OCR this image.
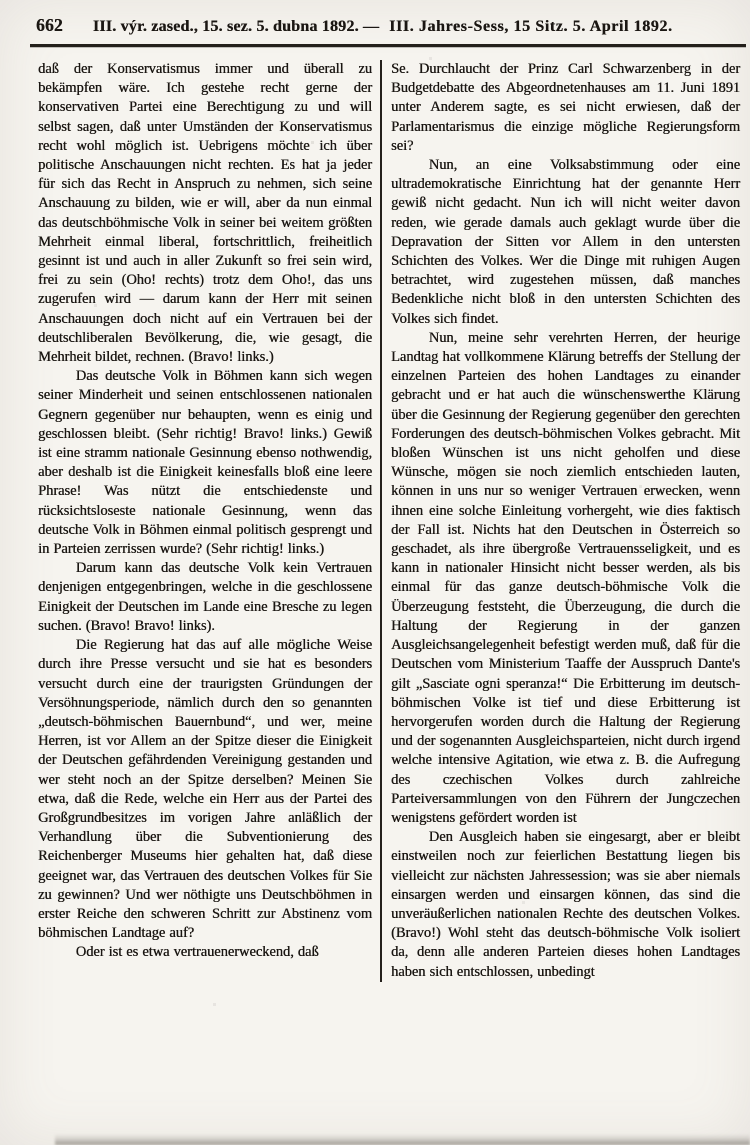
662 III. výr. zased., 15. sez. 5. dubna 1892. — III. Jahres-Sess, 15 Sitz. 5. April 1892.

daß der Konservatismus immer und überall zu bekämpfen wäre. Ich gestehe recht gerne der konservativen Partei eine Berechtigung zu und will selbst sagen, daß unter Umständen der Konservatismus recht wohl möglich ist. Uebrigens möchte ich über politische Anschauungen nicht rechten. Es hat ja jeder für sich das Recht in Anspruch zu nehmen, sich seine Anschauung zu bilden, wie er will, aber da nun einmal das deutschböhmische Volk in seiner bei weitem größten Mehrheit einmal liberal, fortschrittlich, freiheitlich gesinnt ist und auch in aller Zukunft so frei sein wird, frei zu sein (Oho! rechts) trotz dem Oho!, das uns zugerufen wird — darum kann der Herr mit seinen Anschauungen doch nicht auf ein Vertrauen bei der deutschliberalen Bevölkerung, die, wie gesagt, die Mehrheit bildet, rechnen. (Bravo! links.)

Das deutsche Volk in Böhmen kann sich wegen seiner Minderheit und seinen entschlossenen nationalen Gegnern gegenüber nur behaupten, wenn es einig und geschlossen bleibt. (Sehr richtig! Bravo! links.) Gewiß ist eine stramm nationale Gesinnung ebenso nothwendig, aber deshalb ist die Einigkeit keinesfalls bloß eine leere Phrase! Was nützt die entschiedenste und rücksichtsloseste nationale Gesinnung, wenn das deutsche Volk in Böhmen einmal politisch gesprengt und in Parteien zerrissen wurde? (Sehr richtig! links.)

Darum kann das deutsche Volk kein Vertrauen denjenigen entgegenbringen, welche in die geschlossene Einigkeit der Deutschen im Lande eine Bresche zu legen suchen. (Bravo! Bravo! links).

Die Regierung hat das auf alle mögliche Weise durch ihre Presse versucht und sie hat es besonders versucht durch eine der traurigsten Gründungen der Versöhnungsperiode, nämlich durch den so genannten „deutsch-böhmischen Bauernbund“, und wer, meine Herren, ist vor Allem an der Spitze dieser die Einigkeit der Deutschen gefährdenden Vereinigung gestanden und wer steht noch an der Spitze derselben? Meinen Sie etwa, daß die Rede, welche ein Herr aus der Partei des Großgrundbesitzes im vorigen Jahre anläßlich der Verhandlung über die Subventionierung des Reichenberger Museums hier gehalten hat, daß diese geeignet war, das Vertrauen des deutschen Volkes für Sie zu gewinnen? Und wer nöthigte uns Deutschböhmen in erster Reiche den schweren Schritt zur Abstinenz vom böhmischen Landtage auf?

Oder ist es etwa vertrauenerweckend, daß

Se. Durchlaucht der Prinz Carl Schwarzenberg in der Budgetdebatte des Abgeordnetenhauses am 11. Juni 1891 unter Anderem sagte, es sei nicht erwiesen, daß der Parlamentarismus die einzige mögliche Regierungsform sei?

Nun, an eine Volksabstimmung oder eine ultrademokratische Einrichtung hat der genannte Herr gewiß nicht gedacht. Nun ich will nicht weiter davon reden, wie gerade damals auch geklagt wurde über die Depravation der Sitten vor Allem in den untersten Schichten des Volkes. Wer die Dinge mit ruhigen Augen betrachtet, wird zugestehen müssen, daß manches Bedenkliche nicht bloß in den untersten Schichten des Volkes sich findet.

Nun, meine sehr verehrten Herren, der heurige Landtag hat vollkommene Klärung betreffs der Stellung der einzelnen Parteien des hohen Landtages zu einander gebracht und er hat auch die wünschenswerthe Klärung über die Gesinnung der Regierung gegenüber den gerechten Forderungen des deutsch-böhmischen Volkes gebracht. Mit bloßen Wünschen ist uns nicht geholfen und diese Wünsche, mögen sie noch ziemlich entschieden lauten, können in uns nur so weniger Vertrauen erwecken, wenn ihnen eine solche Einleitung vorhergeht, wie dies faktisch der Fall ist. Nichts hat den Deutschen in Österreich so geschadet, als ihre übergroße Vertrauensseligkeit, und es kann in nationaler Hinsicht nicht besser werden, als bis einmal für das ganze deutsch-böhmische Volk die Überzeugung feststeht, die Überzeugung, die durch die Haltung der Regierung in der ganzen Ausgleichsangelegenheit befestigt werden muß, daß für die Deutschen vom Ministerium Taaffe der Ausspruch Dante's gilt „Sasciate ogni speranza!“ Die Erbitterung im deutsch-böhmischen Volke ist tief und diese Erbitterung ist hervorgerufen worden durch die Haltung der Regierung und der sogenannten Ausgleichsparteien, nicht durch irgend welche intensive Agitation, wie etwa z. B. die Aufregung des czechischen Volkes durch zahlreiche Parteiversammlungen von den Führern der Jungczechen wenigstens gefördert worden ist

Den Ausgleich haben sie eingesargt, aber er bleibt einstweilen noch zur feierlichen Bestattung liegen bis vielleicht zur nächsten Jahressession; was sie aber niemals einsargen werden und einsargen können, das sind die unveräußerlichen nationalen Rechte des deutschen Volkes. (Bravo!) Wohl steht das deutsch-böhmische Volk isoliert da, denn alle anderen Parteien dieses hohen Landtages haben sich entschlossen, unbedingt
